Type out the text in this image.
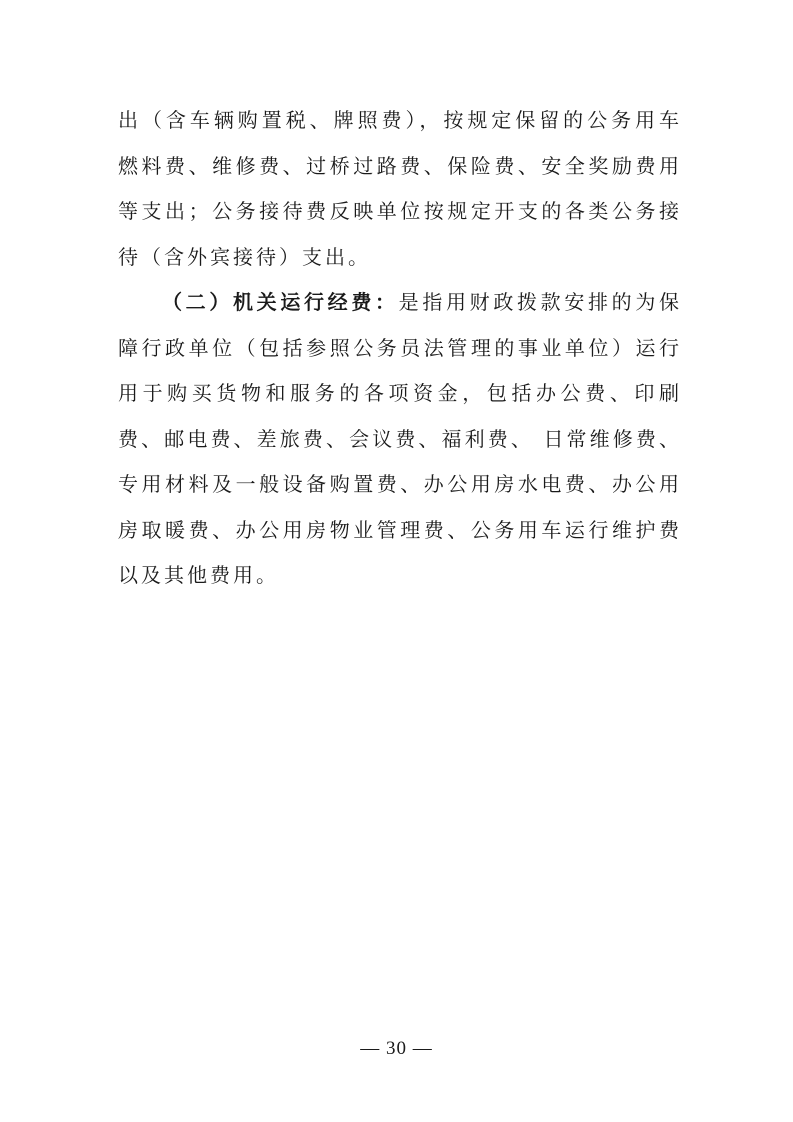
出（含车辆购置税、牌照费），按规定保留的公务用车燃料费、维修费、过桥过路费、保险费、安全奖励费用等支出；公务接待费反映单位按规定开支的各类公务接待（含外宾接待）支出。

（二）机关运行经费：是指用财政拨款安排的为保障行政单位（包括参照公务员法管理的事业单位）运行用于购买货物和服务的各项资金，包括办公费、印刷费、邮电费、差旅费、会议费、福利费、 日常维修费、专用材料及一般设备购置费、办公用房水电费、办公用房取暖费、办公用房物业管理费、公务用车运行维护费以及其他费用。

— 30 —
